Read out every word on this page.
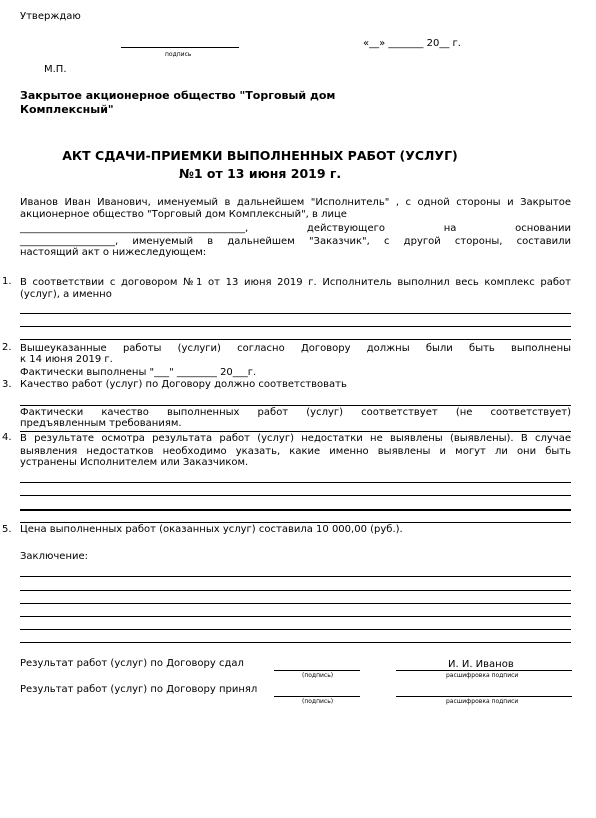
Утверждаю
подпись
«__» _______ 20__ г.
М.П.
Закрытое акционерное общество "Торговый дом
Комплексный"
АКТ СДАЧИ-ПРИЕМКИ ВЫПОЛНЕННЫХ РАБОТ (УСЛУГ)
№1 от 13 июня 2019 г.
Иванов Иван Иванович, именуемый в дальнейшем "Исполнитель" , с одной стороны и Закрытое
акционерное общество "Торговый дом Комплексный", в лице
_____________________________________________, действующего на основании
___________________, именуемый в дальнейшем "Заказчик", с другой стороны, составили
настоящий акт о нижеследующем:
1. В соответствии с договором №1 от 13 июня 2019 г. Исполнитель выполнил весь комплекс работ
(услуг), а именно
2. Вышеуказанные работы (услуги) согласно Договору должны были быть выполнены
к 14 июня 2019 г.
Фактически выполнены "___" ________ 20___г.
3. Качество работ (услуг) по Договору должно соответствовать
Фактически качество выполненных работ (услуг) соответствует (не соответствует)
предъявленным требованиям.
4. В результате осмотра результата работ (услуг) недостатки не выявлены (выявлены). В случае
выявления недостатков необходимо указать, какие именно выявлены и могут ли они быть
устранены Исполнителем или Заказчиком.
5. Цена выполненных работ (оказанных услуг) составила 10 000,00 (руб.).
Заключение:
Результат работ (услуг) по Договору сдал
(подпись)
И. И. Иванов
расшифровка подписи
Результат работ (услуг) по Договору принял
(подпись)	расшифровка подписи
